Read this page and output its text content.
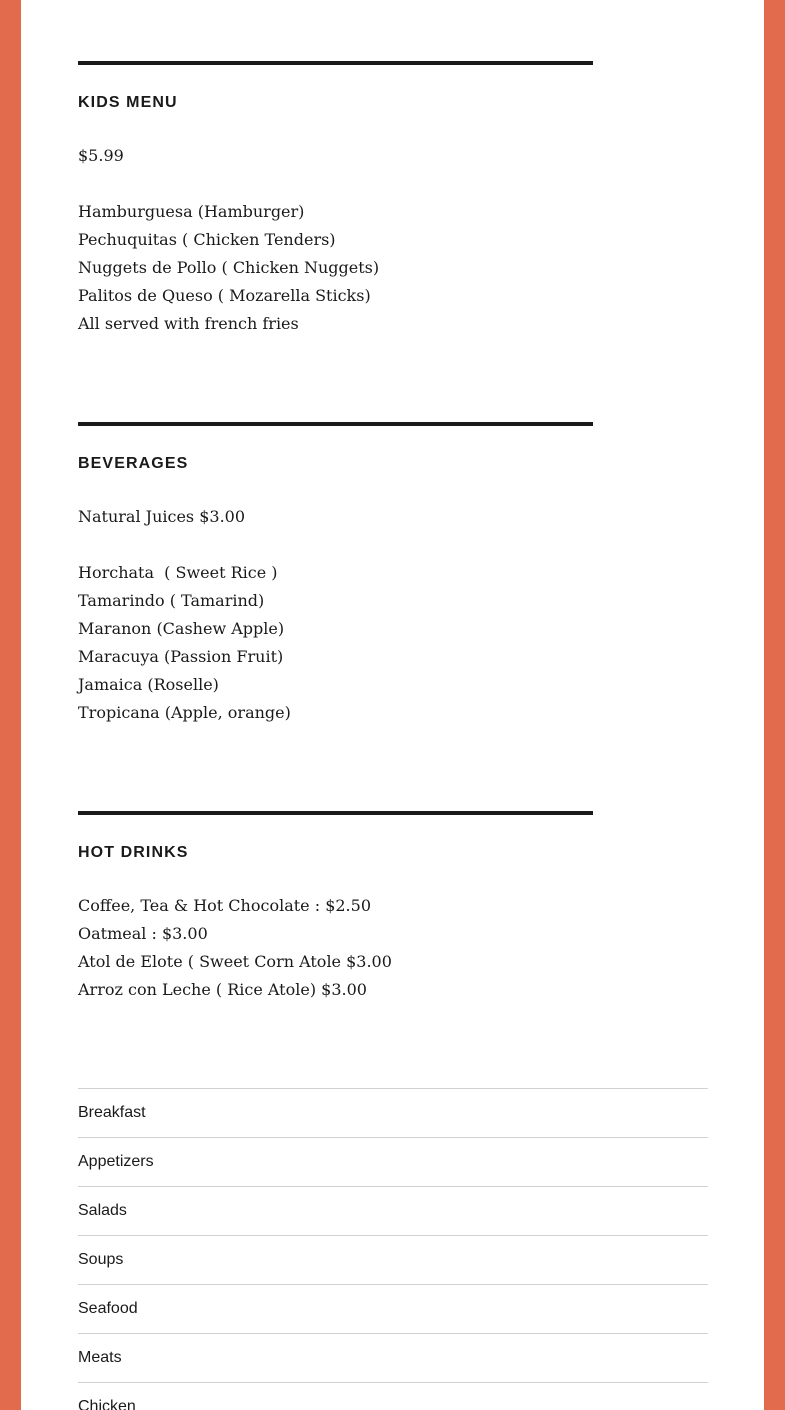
KIDS MENU
$5.99
Hamburguesa (Hamburger)
Pechuquitas ( Chicken Tenders)
Nuggets de Pollo ( Chicken Nuggets)
Palitos de Queso ( Mozarella Sticks)
All served with french fries
BEVERAGES
Natural Juices $3.00
Horchata  ( Sweet Rice )
Tamarindo ( Tamarind)
Maranon (Cashew Apple)
Maracuya (Passion Fruit)
Jamaica (Roselle)
Tropicana (Apple, orange)
HOT DRINKS
Coffee, Tea & Hot Chocolate : $2.50
Oatmeal : $3.00
Atol de Elote ( Sweet Corn Atole $3.00
Arroz con Leche ( Rice Atole) $3.00
Breakfast
Appetizers
Salads
Soups
Seafood
Meats
Chicken
